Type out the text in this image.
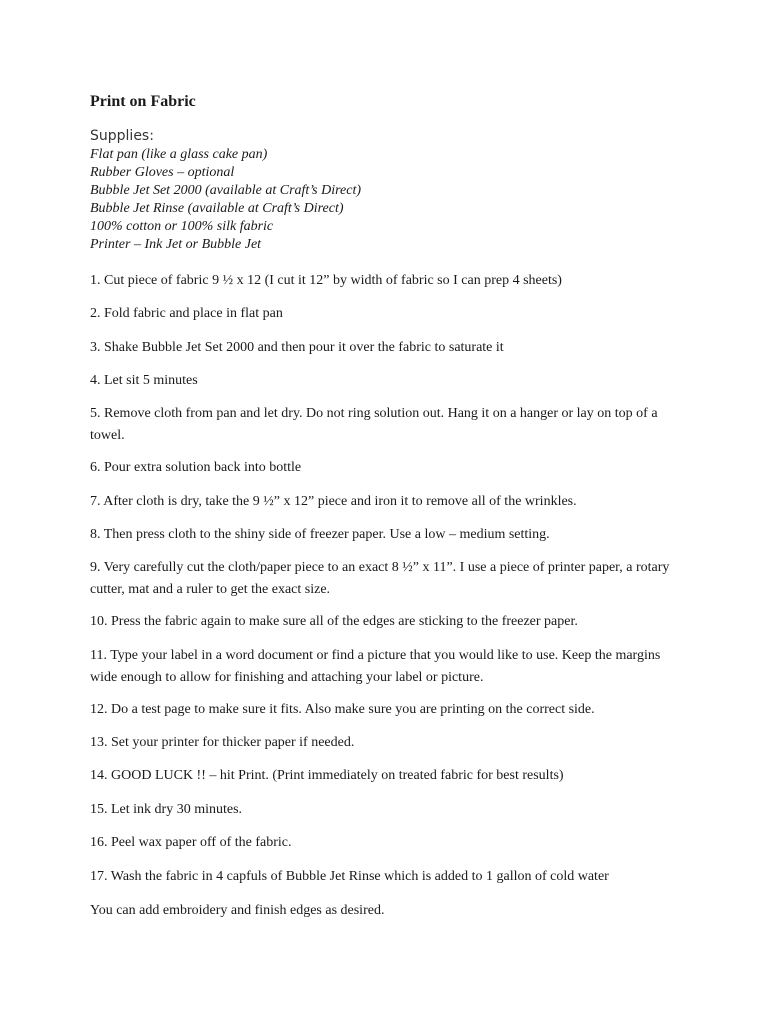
Print on Fabric
Supplies:
Flat pan (like a glass cake pan)
Rubber Gloves – optional
Bubble Jet Set 2000 (available at Craft’s Direct)
Bubble Jet Rinse (available at Craft’s Direct)
100% cotton or 100% silk fabric
Printer – Ink Jet or Bubble Jet

1. Cut piece of fabric 9 ½ x 12 (I cut it 12” by width of fabric so I can prep 4 sheets)

2. Fold fabric and place in flat pan

3. Shake Bubble Jet Set 2000 and then pour it over the fabric to saturate it

4. Let sit 5 minutes

5. Remove cloth from pan and let dry. Do not ring solution out. Hang it on a hanger or lay on top of a towel.

6. Pour extra solution back into bottle

7. After cloth is dry, take the 9 ½” x 12” piece and iron it to remove all of the wrinkles.

8. Then press cloth to the shiny side of freezer paper. Use a low – medium setting.

9. Very carefully cut the cloth/paper piece to an exact 8 ½” x 11”. I use a piece of printer paper, a rotary cutter, mat and a ruler to get the exact size.

10. Press the fabric again to make sure all of the edges are sticking to the freezer paper.

11. Type your label in a word document or find a picture that you would like to use. Keep the margins wide enough to allow for finishing and attaching your label or picture.

12. Do a test page to make sure it fits. Also make sure you are printing on the correct side.

13. Set your printer for thicker paper if needed.

14. GOOD LUCK !! – hit Print. (Print immediately on treated fabric for best results)

15. Let ink dry 30 minutes.

16. Peel wax paper off of the fabric.

17. Wash the fabric in 4 capfuls of Bubble Jet Rinse which is added to 1 gallon of cold water

You can add embroidery and finish edges as desired.
